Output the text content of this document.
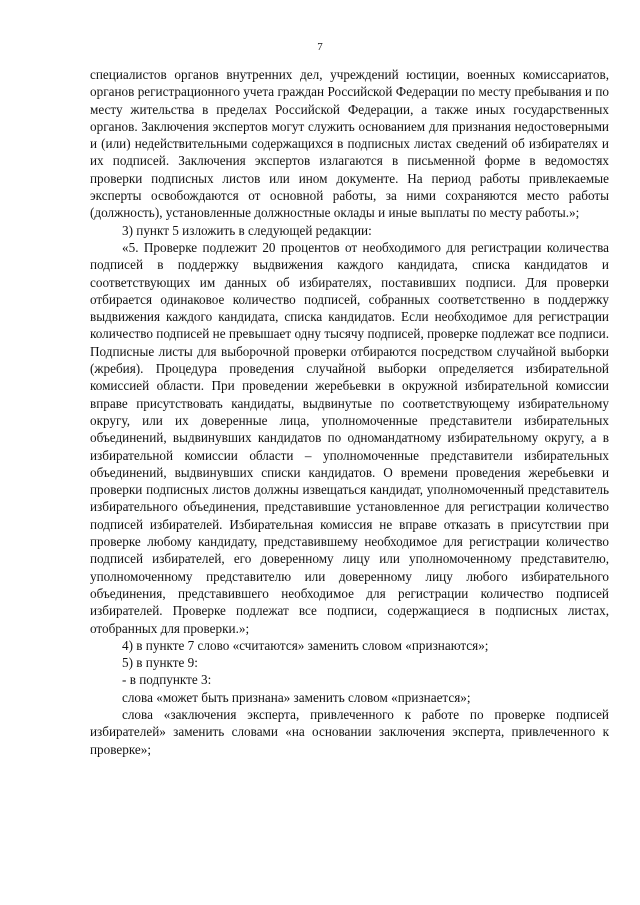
7

специалистов органов внутренних дел, учреждений юстиции, военных комиссариатов, органов регистрационного учета граждан Российской Федерации по месту пребывания и по месту жительства в пределах Российской Федерации, а также иных государственных органов. Заключения экспертов могут служить основанием для признания недостоверными и (или) недействительными содержащихся в подписных листах сведений об избирателях и их подписей. Заключения экспертов излагаются в письменной форме в ведомостях проверки подписных листов или ином документе. На период работы привлекаемые эксперты освобождаются от основной работы, за ними сохраняются место работы (должность), установленные должностные оклады и иные выплаты по месту работы.»;

3) пункт 5 изложить в следующей редакции:

«5. Проверке подлежит 20 процентов от необходимого для регистрации количества подписей в поддержку выдвижения каждого кандидата, списка кандидатов и соответствующих им данных об избирателях, поставивших подписи. Для проверки отбирается одинаковое количество подписей, собранных соответственно в поддержку выдвижения каждого кандидата, списка кандидатов. Если необходимое для регистрации количество подписей не превышает одну тысячу подписей, проверке подлежат все подписи. Подписные листы для выборочной проверки отбираются посредством случайной выборки (жребия). Процедура проведения случайной выборки определяется избирательной комиссией области. При проведении жеребьевки в окружной избирательной комиссии вправе присутствовать кандидаты, выдвинутые по соответствующему избирательному округу, или их доверенные лица, уполномоченные представители избирательных объединений, выдвинувших кандидатов по одномандатному избирательному округу, а в избирательной комиссии области – уполномоченные представители избирательных объединений, выдвинувших списки кандидатов. О времени проведения жеребьевки и проверки подписных листов должны извещаться кандидат, уполномоченный представитель избирательного объединения, представившие установленное для регистрации количество подписей избирателей. Избирательная комиссия не вправе отказать в присутствии при проверке любому кандидату, представившему необходимое для регистрации количество подписей избирателей, его доверенному лицу или уполномоченному представителю, уполномоченному представителю или доверенному лицу любого избирательного объединения, представившего необходимое для регистрации количество подписей избирателей. Проверке подлежат все подписи, содержащиеся в подписных листах, отобранных для проверки.»;

4) в пункте 7 слово «считаются» заменить словом «признаются»;

5) в пункте 9:

- в подпункте 3:

слова «может быть признана» заменить словом «признается»;

слова «заключения эксперта, привлеченного к работе по проверке подписей избирателей» заменить словами «на основании заключения эксперта, привлеченного к проверке»;
